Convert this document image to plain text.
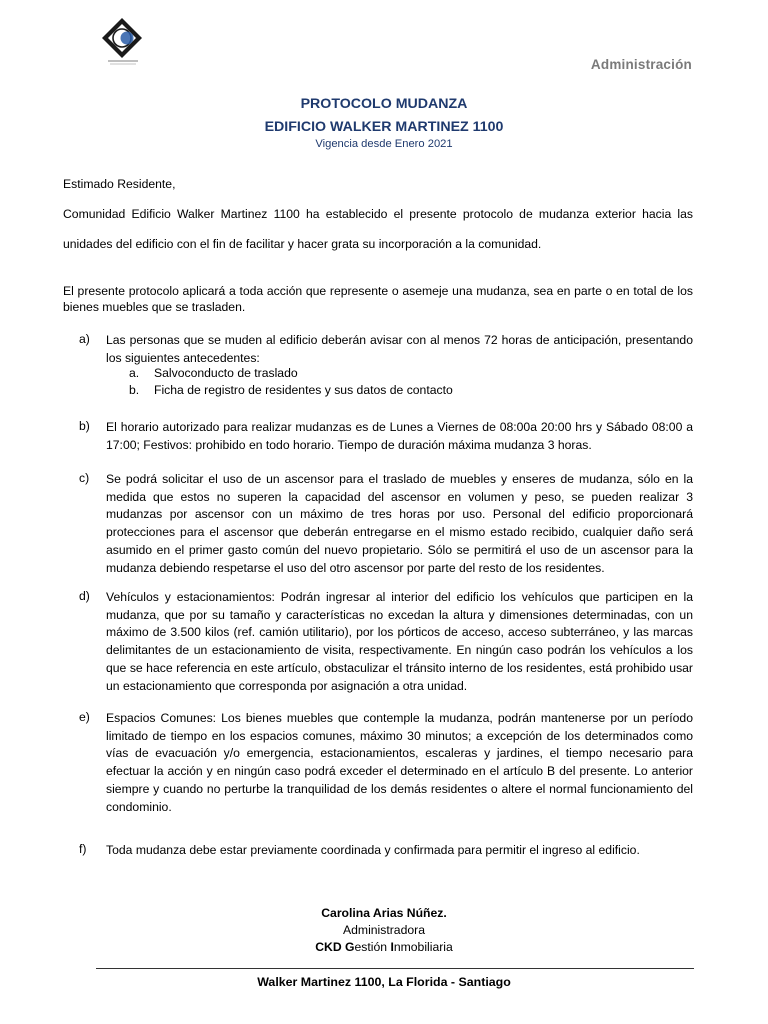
Administración
PROTOCOLO MUDANZA
EDIFICIO WALKER MARTINEZ 1100
Vigencia desde Enero 2021
Estimado Residente,
Comunidad Edificio Walker Martinez 1100 ha establecido el presente protocolo de mudanza exterior hacia las
unidades del edificio con el fin de facilitar y hacer grata su incorporación a la comunidad.
El presente protocolo aplicará a toda acción que represente o asemeje una mudanza, sea en parte o en total de los bienes muebles que se trasladen.
a) Las personas que se muden al edificio deberán avisar con al menos 72 horas de anticipación, presentando los siguientes antecedentes:
a. Salvoconducto de traslado
b. Ficha de registro de residentes y sus datos de contacto
b) El horario autorizado para realizar mudanzas es de Lunes a Viernes de 08:00a 20:00 hrs y Sábado 08:00 a 17:00; Festivos: prohibido en todo horario. Tiempo de duración máxima mudanza 3 horas.
c) Se podrá solicitar el uso de un ascensor para el traslado de muebles y enseres de mudanza, sólo en la medida que estos no superen la capacidad del ascensor en volumen y peso, se pueden realizar 3 mudanzas por ascensor con un máximo de tres horas por uso. Personal del edificio proporcionará protecciones para el ascensor que deberán entregarse en el mismo estado recibido, cualquier daño será asumido en el primer gasto común del nuevo propietario. Sólo se permitirá el uso de un ascensor para la mudanza debiendo respetarse el uso del otro ascensor por parte del resto de los residentes.
d) Vehículos y estacionamientos: Podrán ingresar al interior del edificio los vehículos que participen en la mudanza, que por su tamaño y características no excedan la altura y dimensiones determinadas, con un máximo de 3.500 kilos (ref. camión utilitario), por los pórticos de acceso, acceso subterráneo, y las marcas delimitantes de un estacionamiento de visita, respectivamente. En ningún caso podrán los vehículos a los que se hace referencia en este artículo, obstaculizar el tránsito interno de los residentes, está prohibido usar un estacionamiento que corresponda por asignación a otra unidad.
e) Espacios Comunes: Los bienes muebles que contemple la mudanza, podrán mantenerse por un período limitado de tiempo en los espacios comunes, máximo 30 minutos; a excepción de los determinados como vías de evacuación y/o emergencia, estacionamientos, escaleras y jardines, el tiempo necesario para efectuar la acción y en ningún caso podrá exceder el determinado en el artículo B del presente. Lo anterior siempre y cuando no perturbe la tranquilidad de los demás residentes o altere el normal funcionamiento del condominio.
f) Toda mudanza debe estar previamente coordinada y confirmada para permitir el ingreso al edificio.
Carolina Arias Núñez.
Administradora
CKD Gestión Inmobiliaria
Walker Martinez 1100, La Florida - Santiago
